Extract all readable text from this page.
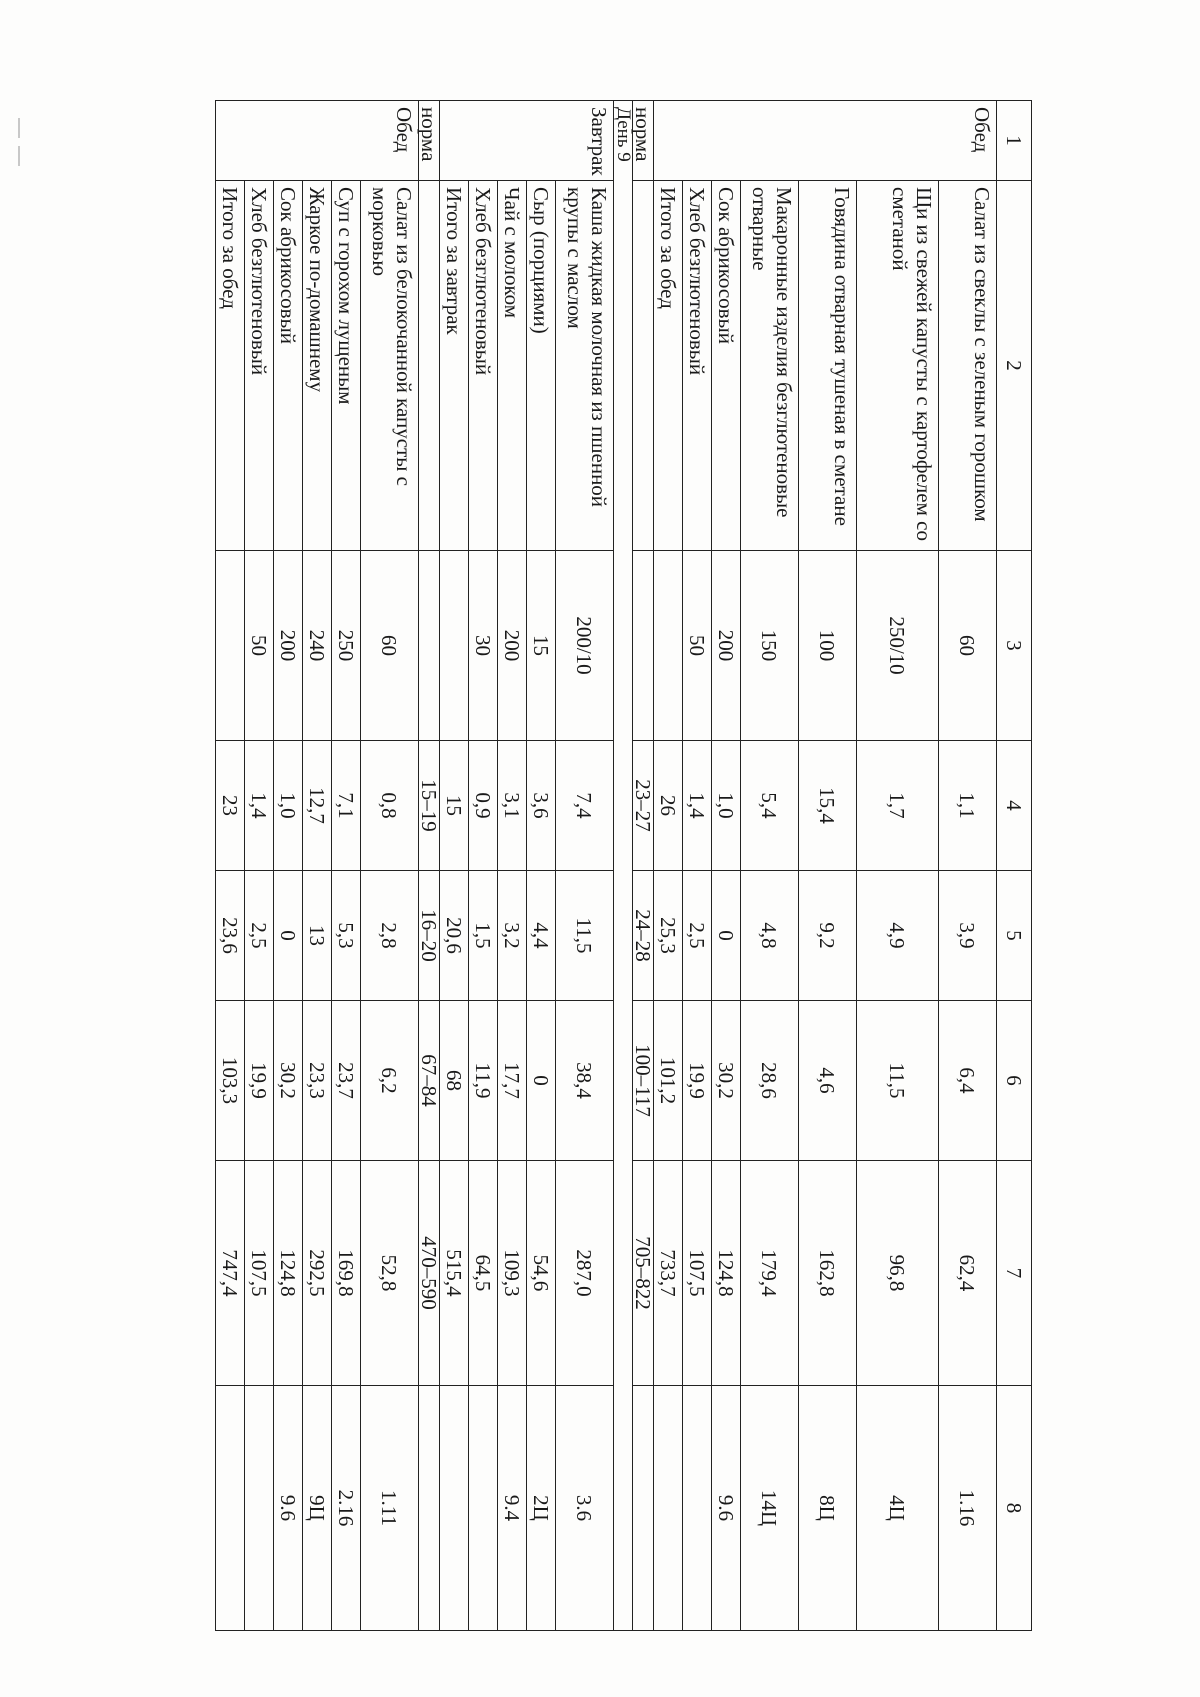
1	2	3	4	5	6	7	8
Обед	Салат из свеклы с зеленым горошком	60	1,1	3,9	6,4	62,4	1.16
	Щи из свежей капусты с картофелем со сметаной	250/10	1,7	4,9	11,5	96,8	4Ц
	Говядина отварная тушеная в сметане	100	15,4	9,2	4,6	162,8	8Ц
	Макаронные изделия безглютеновые отварные	150	5,4	4,8	28,6	179,4	14Ц
	Сок абрикосовый	200	1,0	0	30,2	124,8	9.6
	Хлеб безглютеновый	50	1,4	2,5	19,9	107,5	
	Итого за обед		26	25,3	101,2	733,7	
норма			23–27	24–28	100–117	705–822	
День 9							
Завтрак	Каша жидкая молочная из пшенной крупы с маслом	200/10	7,4	11,5	38,4	287,0	3.6
	Сыр (порциями)	15	3,6	4,4	0	54,6	2Ц
	Чай с молоком	200	3,1	3,2	17,7	109,3	9.4
	Хлеб безглютеновый	30	0,9	1,5	11,9	64,5	
	Итого за завтрак		15	20,6	68	515,4	
норма			15–19	16–20	67–84	470–590	
Обед	Салат из белокочанной капусты с морковью	60	0,8	2,8	6,2	52,8	1.11
	Суп с горохом лущеным	250	7,1	5,3	23,7	169,8	2.16
	Жаркое по-домашнему	240	12,7	13	23,3	292,5	9Ц
	Сок абрикосовый	200	1,0	0	30,2	124,8	9.6
	Хлеб безглютеновый	50	1,4	2,5	19,9	107,5	
	Итого за обед		23	23,6	103,3	747,4	
